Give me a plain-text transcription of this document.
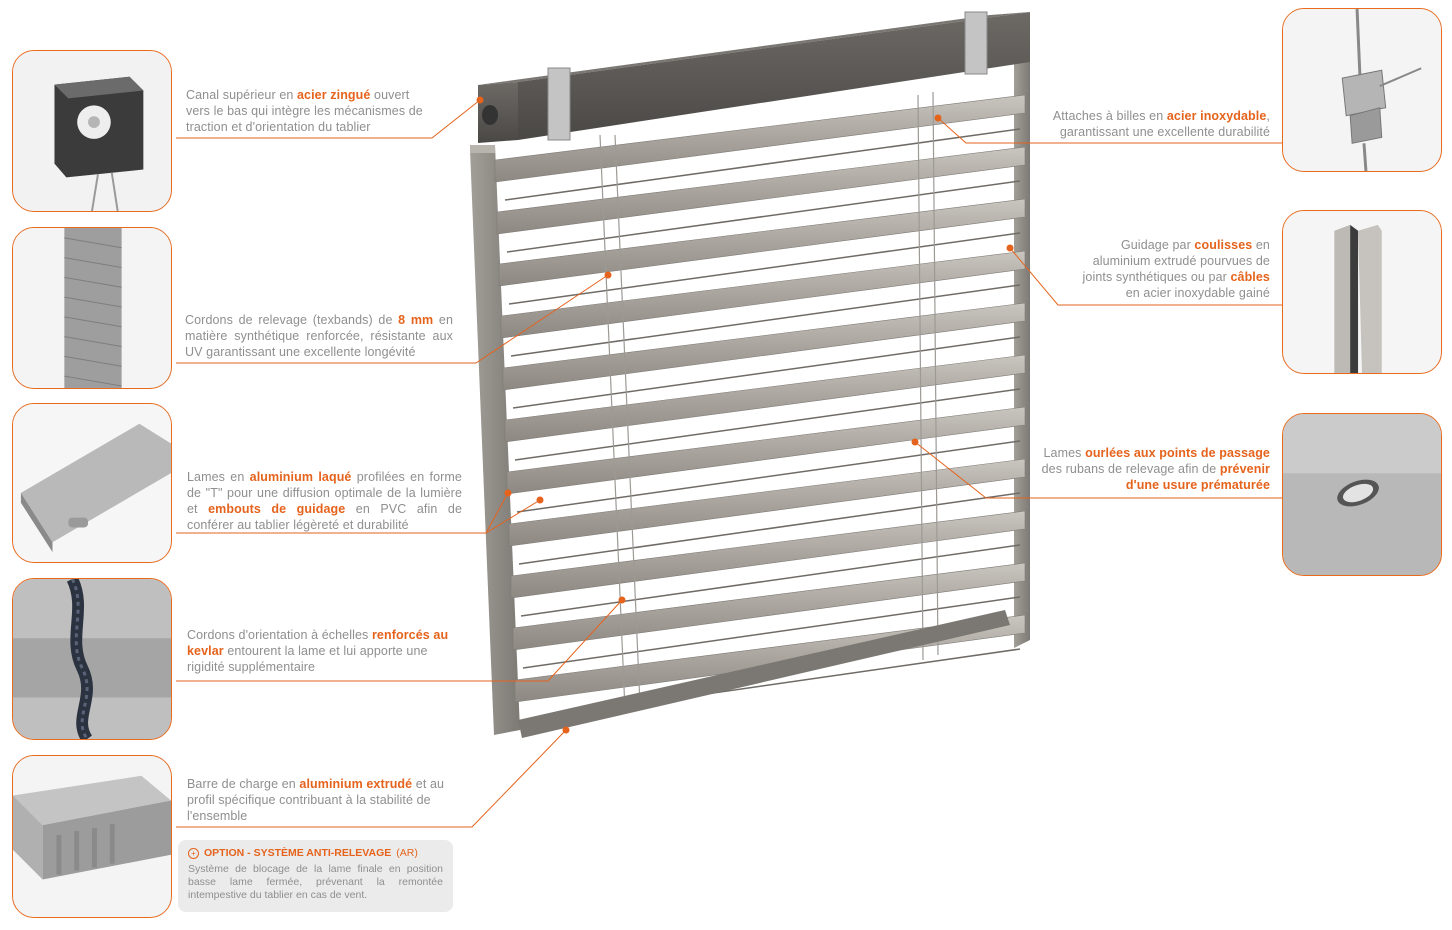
Canal supérieur en acier zingué ouvert vers le bas qui intègre les mécanismes de traction et d'orientation du tablier
Cordons de relevage (texbands) de 8 mm en matière synthétique renforcée, résistante aux UV garantissant une excellente longévité
Lames en aluminium laqué profilées en forme de "T" pour une diffusion optimale de la lumière et embouts de guidage en PVC afin de conférer au tablier légèreté et durabilité
Cordons d'orientation à échelles renforcés au kevlar entourent la lame et lui apporte une rigidité supplémentaire
Barre de charge en aluminium extrudé et au profil spécifique contribuant à la stabilité de l'ensemble
+ OPTION - SYSTÈME ANTI-RELEVAGE (AR)
Système de blocage de la lame finale en position basse lame fermée, prévenant la remontée intempestive du tablier en cas de vent.
Attaches à billes en acier inoxydable, garantissant une excellente durabilité
Guidage par coulisses en aluminium extrudé pourvues de joints synthétiques ou par câbles en acier inoxydable gainé
Lames ourlées aux points de passage des rubans de relevage afin de prévenir d'une usure prématurée
